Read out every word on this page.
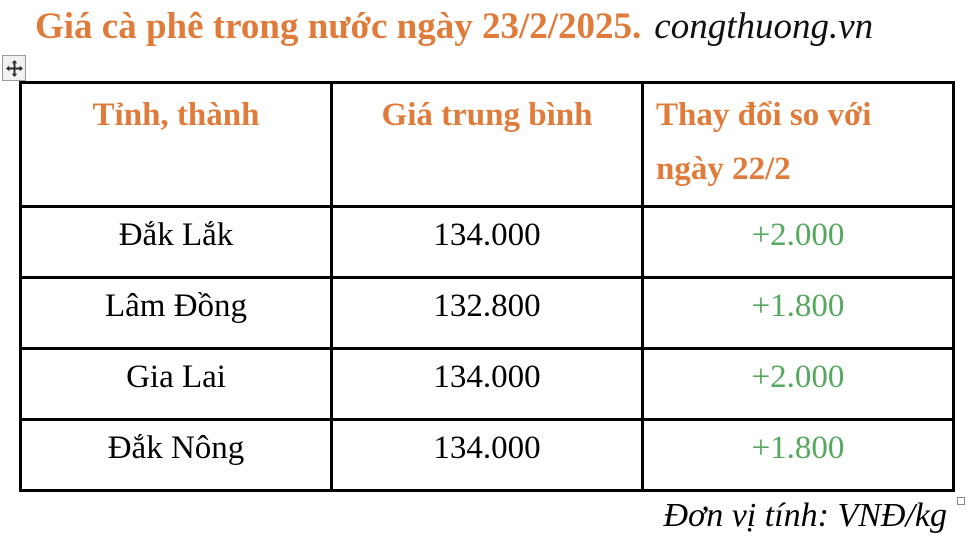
Giá cà phê trong nước ngày 23/2/2025. congthuong.vn
Tỉnh, thành	Giá trung bình	Thay đổi so với ngày 22/2
Đắk Lắk	134.000	+2.000
Lâm Đồng	132.800	+1.800
Gia Lai	134.000	+2.000
Đắk Nông	134.000	+1.800
Đơn vị tính: VNĐ/kg
